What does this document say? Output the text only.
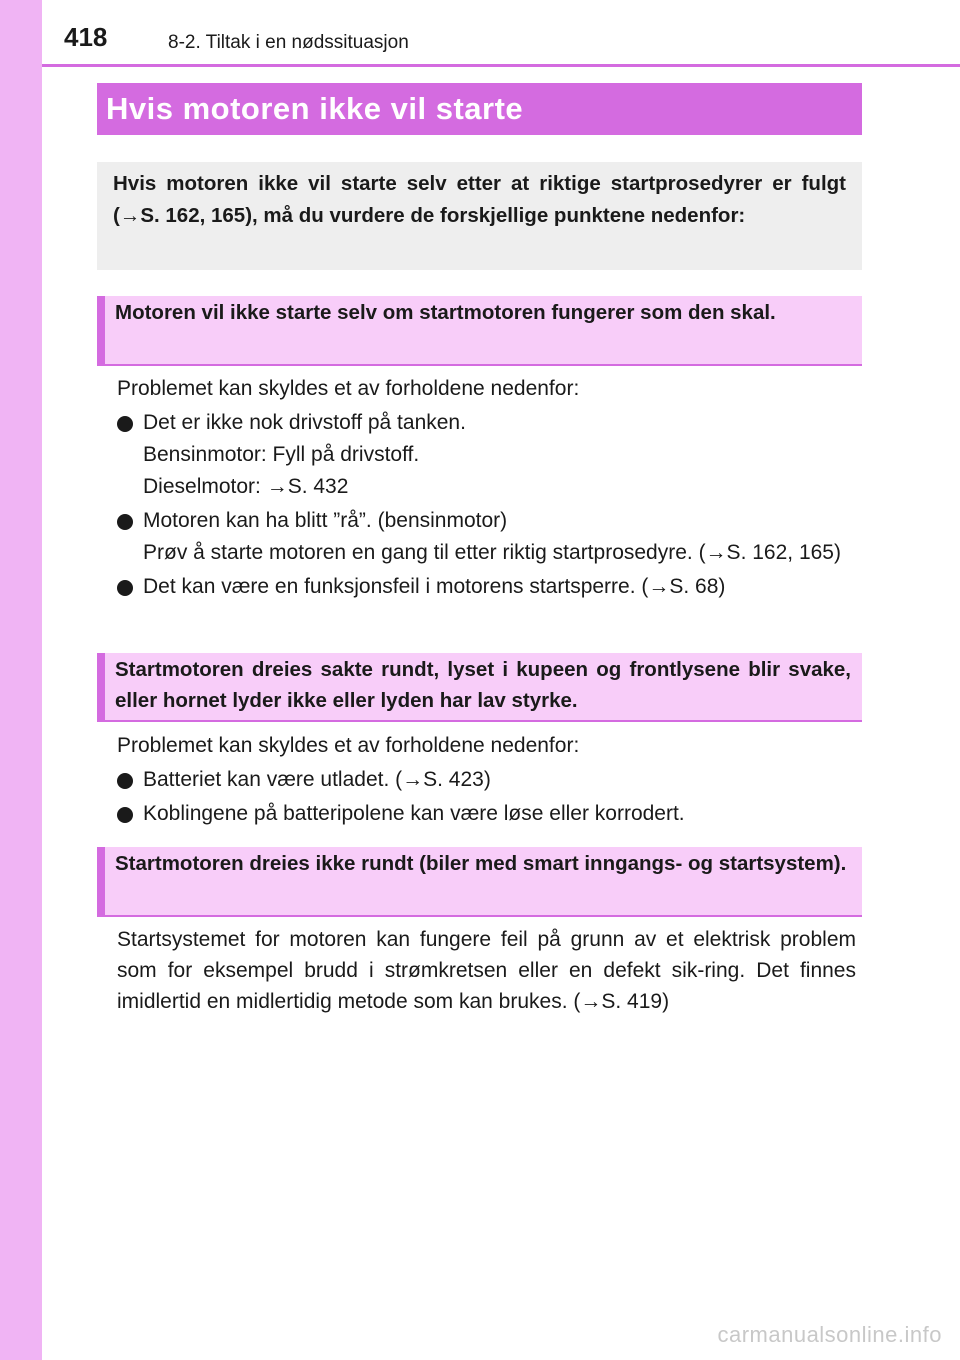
418	8-2. Tiltak i en nødssituasjon
Hvis motoren ikke vil starte

Hvis motoren ikke vil starte selv etter at riktige startprosedyrer er fulgt (→S. 162, 165), må du vurdere de forskjellige punktene nedenfor:

Motoren vil ikke starte selv om startmotoren fungerer som den skal.

Problemet kan skyldes et av forholdene nedenfor:

Det er ikke nok drivstoff på tanken.

Bensinmotor: Fyll på drivstoff.

Dieselmotor: →S. 432

Motoren kan ha blitt ”rå”. (bensinmotor)

Prøv å starte motoren en gang til etter riktig startprosedyre. (→S. 162, 165)

Det kan være en funksjonsfeil i motorens startsperre. (→S. 68)

Startmotoren dreies sakte rundt, lyset i kupeen og frontlysene blir svake, eller hornet lyder ikke eller lyden har lav styrke.

Problemet kan skyldes et av forholdene nedenfor:

Batteriet kan være utladet. (→S. 423)

Koblingene på batteripolene kan være løse eller korrodert.

Startmotoren dreies ikke rundt (biler med smart inngangs- og startsystem).

Startsystemet for motoren kan fungere feil på grunn av et elektrisk problem som for eksempel brudd i strømkretsen eller en defekt sik-ring. Det finnes imidlertid en midlertidig metode som kan brukes. (→S. 419)

carmanualsonline.info
